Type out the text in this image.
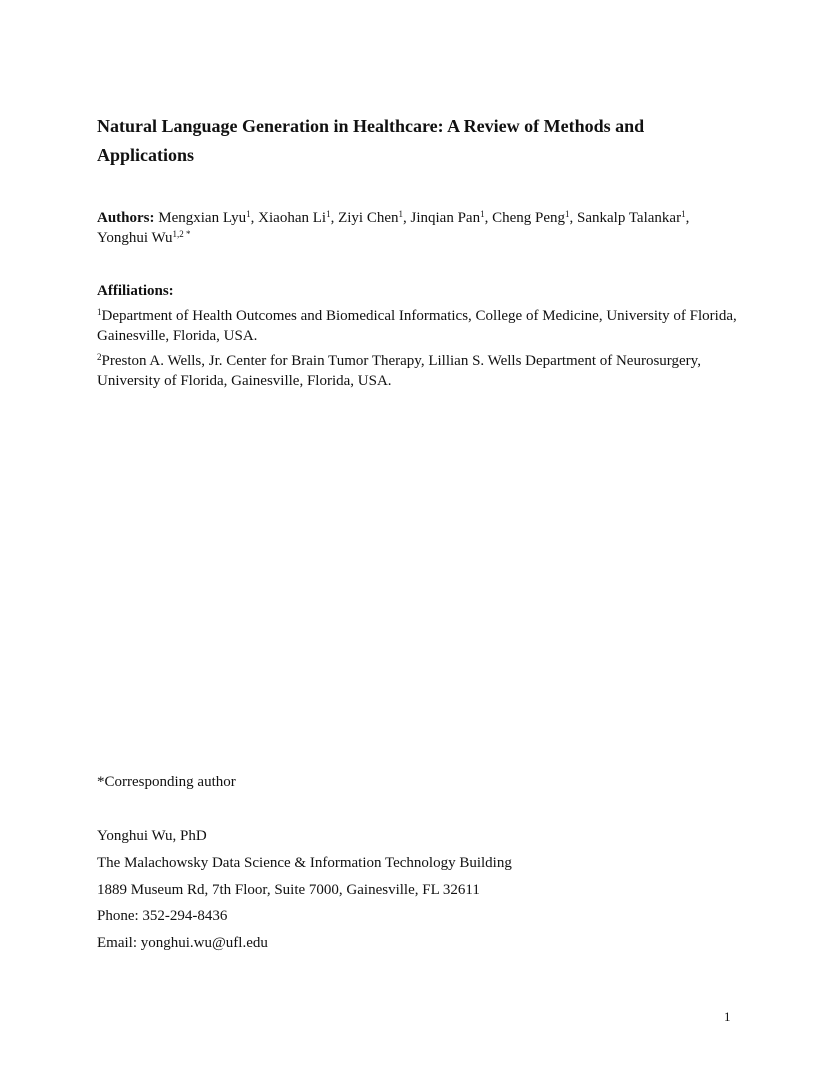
Natural Language Generation in Healthcare: A Review of Methods and Applications

Authors: Mengxian Lyu$^1$, Xiaohan Li$^1$, Ziyi Chen$^1$, Jinqian Pan$^1$, Cheng Peng$^1$, Sankalp Talankar$^1$, Yonghui $Wu^{1,2 *}$

Affiliations:

$^1$Department of Health Outcomes and Biomedical Informatics, College of Medicine, University of Florida, Gainesville, Florida, USA.

$^2$Preston A. Wells, Jr. Center for Brain Tumor Therapy, Lillian S. Wells Department of Neurosurgery, University of Florida, Gainesville, Florida, USA.

*Corresponding author

Yonghui Wu, PhD

The Malachowsky Data Science & Information Technology Building

1889 Museum Rd, 7th Floor, Suite 7000, Gainesville, FL 32611

Phone: 352-294-8436

Email: yonghui.wu@ufl.edu

1
